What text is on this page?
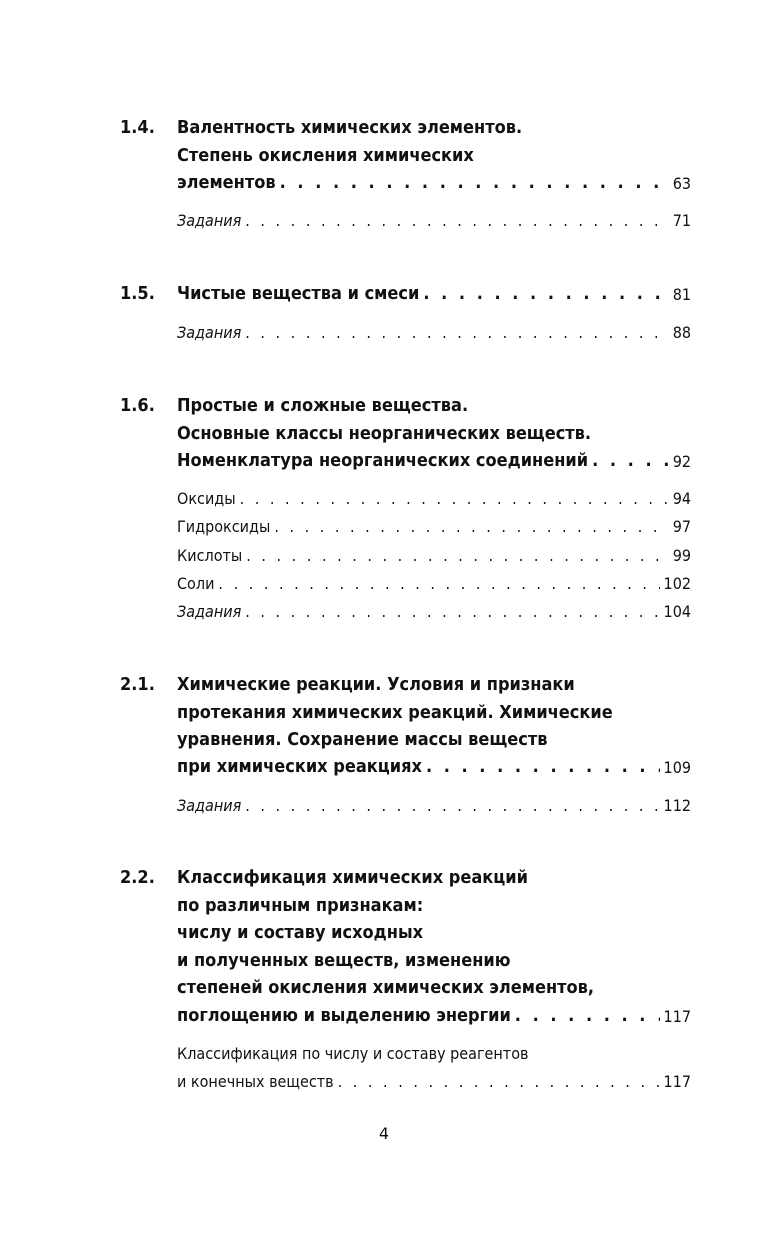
1.4. Валентность химических элементов.
Степень окисления химических
элементов . . .	63
Задания . . .	71
1.5. Чистые вещества и смеси . . .	81
Задания . . .	88
1.6. Простые и сложные вещества.
Основные классы неорганических веществ.
Номенклатура неорганических соединений . . .	92
Оксиды . . .	94
Гидроксиды . . .	97
Кислоты . . .	99
Соли . . .	102
Задания . . .	104
2.1. Химические реакции. Условия и признаки
протекания химических реакций. Химические
уравнения. Сохранение массы веществ
при химических реакциях . . .	109
Задания . . .	112
2.2. Классификация химических реакций
по различным признакам:
числу и составу исходных
и полученных веществ, изменению
степеней окисления химических элементов,
поглощению и выделению энергии . . .	117
Классификация по числу и составу реагентов
и конечных веществ . . .	117
4
